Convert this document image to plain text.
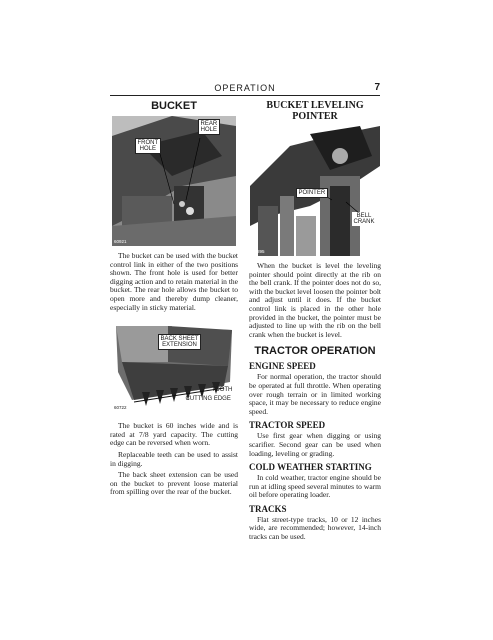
OPERATION	7
BUCKET
REAR
HOLE
FRONT
HOLE
60921

The bucket can be used with the bucket control link in either of the two positions shown. The front hole is used for better digging action and to retain material in the bucket. The rear hole allows the bucket to open more and thereby dump cleaner, especially in sticky material.

BACK SHEET
EXTENSION
TOOTH
CUTTING EDGE
60722

The bucket is 60 inches wide and is rated at 7/8 yard capacity. The cutting edge can be reversed when worn.

Replaceable teeth can be used to assist in digging.

The back sheet extension can be used on the bucket to prevent loose material from spilling over the rear of the bucket.

BUCKET LEVELING POINTER
POINTER
BELL
CRANK
60895

When the bucket is level the leveling pointer should point directly at the rib on the bell crank. If the pointer does not do so, with the bucket level loosen the pointer bolt and adjust until it does. If the bucket control link is placed in the other hole provided in the bucket, the pointer must be adjusted to line up with the rib on the bell crank when the bucket is level.

TRACTOR OPERATION
ENGINE SPEED

For normal operation, the tractor should be operated at full throttle. When operating over rough terrain or in limited working space, it may be necessary to reduce engine speed.

TRACTOR SPEED

Use first gear when digging or using scarifier. Second gear can be used when loading, leveling or grading.

COLD WEATHER STARTING

In cold weather, tractor engine should be run at idling speed several minutes to warm oil before operating loader.

TRACKS

Flat street-type tracks, 10 or 12 inches wide, are recommended; however, 14-inch tracks can be used.
